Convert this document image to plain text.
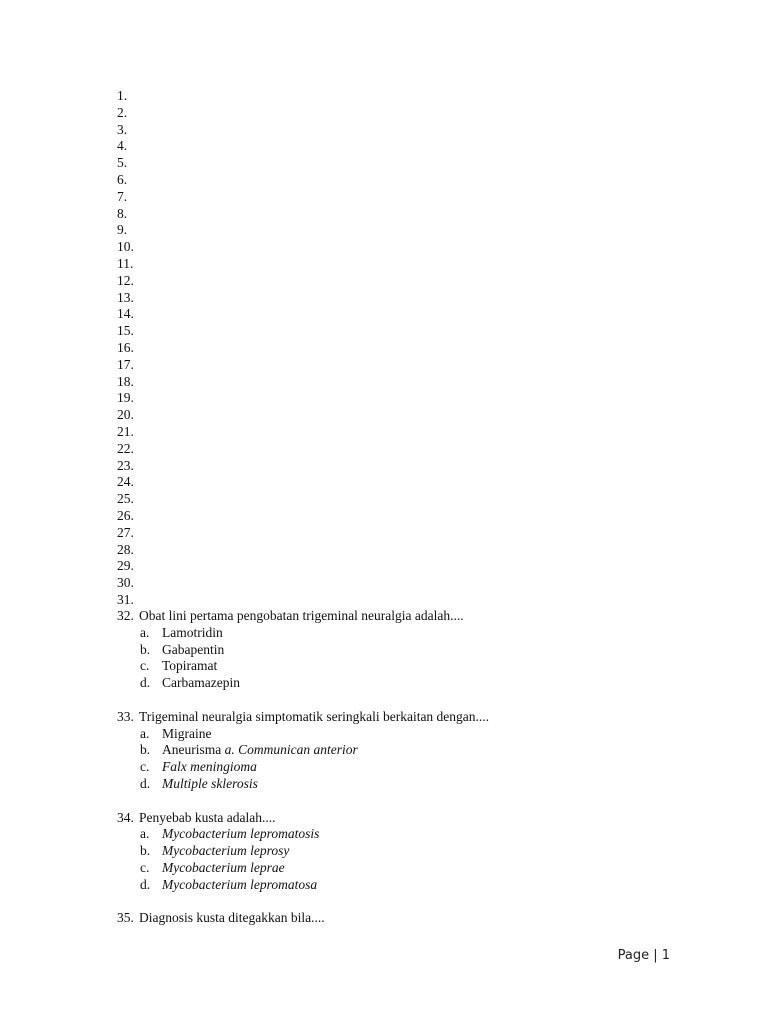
1.
2.
3.
4.
5.
6.
7.
8.
9.
10.
11.
12.
13.
14.
15.
16.
17.
18.
19.
20.
21.
22.
23.
24.
25.
26.
27.
28.
29.
30.
31.
32. Obat lini pertama pengobatan trigeminal neuralgia adalah....
a. Lamotridin
b. Gabapentin
c. Topiramat
d. Carbamazepin
33. Trigeminal neuralgia simptomatik seringkali berkaitan dengan....
a. Migraine
b. Aneurisma a. Communican anterior
c. Falx meningioma
d. Multiple sklerosis
34. Penyebab kusta adalah....
a. Mycobacterium lepromatosis
b. Mycobacterium leprosy
c. Mycobacterium leprae
d. Mycobacterium lepromatosa
35. Diagnosis kusta ditegakkan bila....
Page | 1
